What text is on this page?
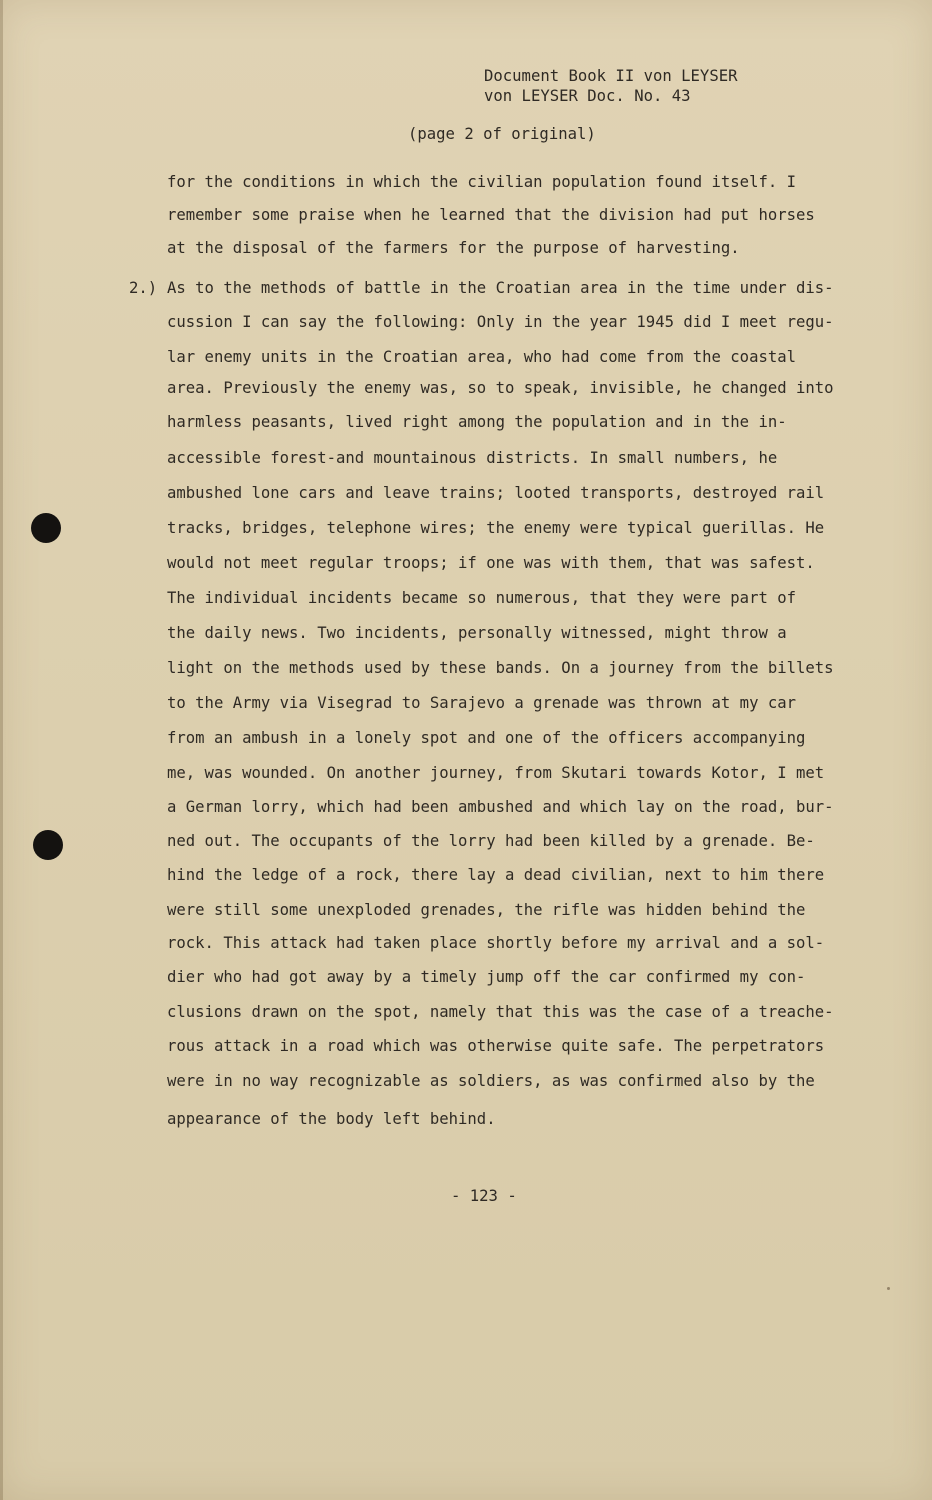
Document Book II von LEYSER
von LEYSER Doc. No. 43
(page 2 of original)
for the conditions in which the civilian population found itself. I
remember some praise when he learned that the division had put horses
at the disposal of the farmers for the purpose of harvesting.
2.) As to the methods of battle in the Croatian area in the time under dis-
cussion I can say the following: Only in the year 1945 did I meet regu-
lar enemy units in the Croatian area, who had come from the coastal
area. Previously the enemy was, so to speak, invisible, he changed into
harmless peasants, lived right among the population and in the in-
accessible forest-and mountainous districts. In small numbers, he
ambushed lone cars and leave trains; looted transports, destroyed rail
tracks, bridges, telephone wires; the enemy were typical guerillas. He
would not meet regular troops; if one was with them, that was safest.
The individual incidents became so numerous, that they were part of
the daily news. Two incidents, personally witnessed, might throw a
light on the methods used by these bands. On a journey from the billets
to the Army via Visegrad to Sarajevo a grenade was thrown at my car
from an ambush in a lonely spot and one of the officers accompanying
me, was wounded. On another journey, from Skutari towards Kotor, I met
a German lorry, which had been ambushed and which lay on the road, bur-
ned out. The occupants of the lorry had been killed by a grenade. Be-
hind the ledge of a rock, there lay a dead civilian, next to him there
were still some unexploded grenades, the rifle was hidden behind the
rock. This attack had taken place shortly before my arrival and a sol-
dier who had got away by a timely jump off the car confirmed my con-
clusions drawn on the spot, namely that this was the case of a treache-
rous attack in a road which was otherwise quite safe. The perpetrators
were in no way recognizable as soldiers, as was confirmed also by the
appearance of the body left behind.
- 123 -
